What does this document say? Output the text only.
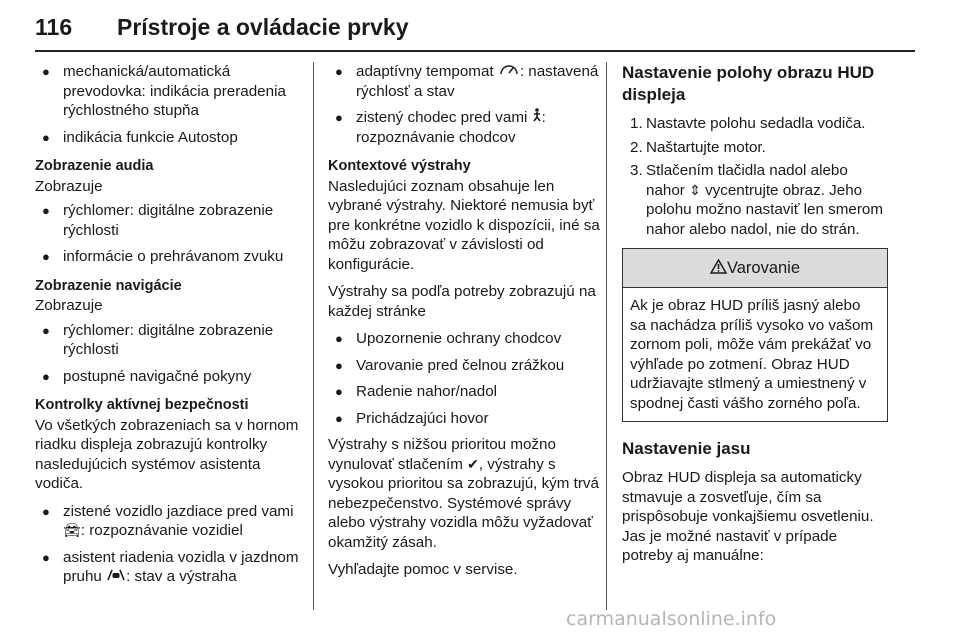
116 Prístroje a ovládacie prvky
● mechanická/automatická prevodovka: indikácia preradenia rýchlostného stupňa
● indikácia funkcie Autostop
Zobrazenie audia
Zobrazuje
● rýchlomer: digitálne zobrazenie rýchlosti
● informácie o prehrávanom zvuku
Zobrazenie navigácie
Zobrazuje
● rýchlomer: digitálne zobrazenie rýchlosti
● postupné navigačné pokyny
Kontrolky aktívnej bezpečnosti

Vo všetkých zobrazeniach sa v hornom riadku displeja zobrazujú kontrolky nasledujúcich systémov asistenta vodiča.

● zistené vozidlo jazdiace pred vami 🚘︎: rozpoznávanie vozidiel
● asistent riadenia vozidla v jazdnom pruhu : stav a výstraha
● adaptívny tempomat : nastavená rýchlosť a stav
● zistený chodec pred vami : rozpoznávanie chodcov
Kontextové výstrahy

Nasledujúci zoznam obsahuje len vybrané výstrahy. Niektoré nemusia byť pre konkrétne vozidlo k dispozícii, iné sa môžu zobrazovať v závislosti od konfigurácie.

Výstrahy sa podľa potreby zobrazujú na každej stránke

● Upozornenie ochrany chodcov
● Varovanie pred čelnou zrážkou
● Radenie nahor/nadol
● Prichádzajúci hovor

Výstrahy s nižšou prioritou možno vynulovať stlačením ✔, výstrahy s vysokou prioritou sa zobrazujú, kým trvá nebezpečenstvo. Systémové správy alebo výstrahy vozidla môžu vyžadovať okamžitý zásah.

Vyhľadajte pomoc v servise.

Nastavenie polohy obrazu HUD displeja
1. Nastavte polohu sedadla vodiča.
2. Naštartujte motor.
3. Stlačením tlačidla nadol alebo nahor ⇕ vycentrujte obraz. Jeho polohu možno nastaviť len smerom nahor alebo nadol, nie do strán.
Varovanie
Ak je obraz HUD príliš jasný alebo sa nachádza príliš vysoko vo vašom zornom poli, môže vám prekážať vo výhľade po zotmení. Obraz HUD udržiavajte stlmený a umiestnený v spodnej časti vášho zorného poľa.
Nastavenie jasu

Obraz HUD displeja sa automaticky stmavuje a zosvetľuje, čím sa prispôsobuje vonkajšiemu osvetleniu. Jas je možné nastaviť v prípade potreby aj manuálne:

carmanualsonline.info
